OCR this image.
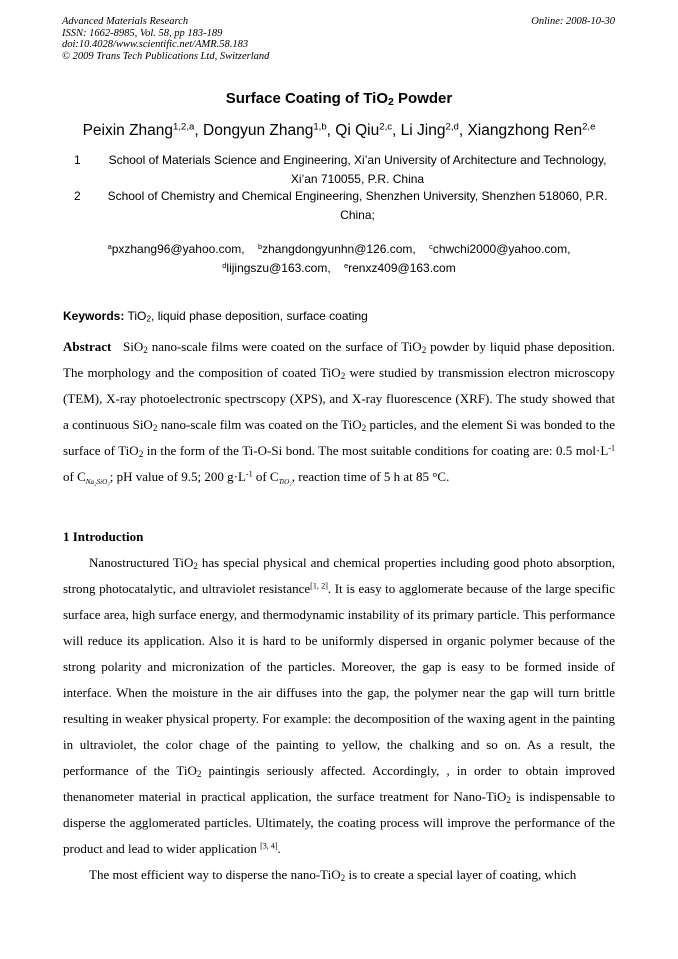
Advanced Materials Research
ISSN: 1662-8985, Vol. 58, pp 183-189
doi:10.4028/www.scientific.net/AMR.58.183
© 2009 Trans Tech Publications Ltd, Switzerland
Online: 2008-10-30
Surface Coating of TiO$_2$ Powder
Peixin Zhang$^{1,2,a}$, Dongyun Zhang$^{1,b}$, Qi Qiu$^{2,c}$, Li Jing$^{2,d}$, Xiangzhong Ren$^{2,e}$
1	School of Materials Science and Engineering, Xi’an University of Architecture and Technology, Xi’an 710055, P.R. China
2	School of Chemistry and Chemical Engineering, Shenzhen University, Shenzhen 518060, P.R. China;
$^a$pxzhang96@yahoo.com, $^b$zhangdongyunhn@126.com, $^c$chwchi2000@yahoo.com,
$^d$lijingszu@163.com, $^e$renxz409@163.com
Keywords: TiO$_2$, liquid phase deposition, surface coating
Abstract SiO$_2$ nano-scale films were coated on the surface of TiO$_2$ powder by liquid phase deposition. The morphology and the composition of coated TiO$_2$ were studied by transmission electron microscopy (TEM), X-ray photoelectronic spectrscopy (XPS), and X-ray fluorescence (XRF). The study showed that a continuous SiO$_2$ nano-scale film was coated on the TiO$_2$ particles, and the element Si was bonded to the surface of TiO$_2$ in the form of the Ti-O-Si bond. The most suitable conditions for coating are: 0.5 $mol\cdot L^{-1}$ of $C_{Na_2SiO_3}$; pH value of 9.5; 200 $g\cdot L^{-1}$ of $C_{TiO_2}$, reaction time of 5 h at 85 °C.
1 Introduction

Nanostructured TiO$_2$ has special physical and chemical properties including good photo absorption, strong photocatalytic, and ultraviolet resistance[1, 2]. It is easy to agglomerate because of the large specific surface area, high surface energy, and thermodynamic instability of its primary particle. This performance will reduce its application. Also it is hard to be uniformly dispersed in organic polymer because of the strong polarity and micronization of the particles. Moreover, the gap is easy to be formed inside of interface. When the moisture in the air diffuses into the gap, the polymer near the gap will turn brittle resulting in weaker physical property. For example: the decomposition of the waxing agent in the painting in ultraviolet, the color chage of the painting to yellow, the chalking and so on. As a result, the performance of the TiO$_2$ paintingis seriously affected. Accordingly, , in order to obtain improved thenanometer material in practical application, the surface treatment for Nano-TiO$_2$ is indispensable to disperse the agglomerated particles. Ultimately, the coating process will improve the performance of the product and lead to wider application [3, 4].

The most efficient way to disperse the nano-TiO$_2$ is to create a special layer of coating, which
